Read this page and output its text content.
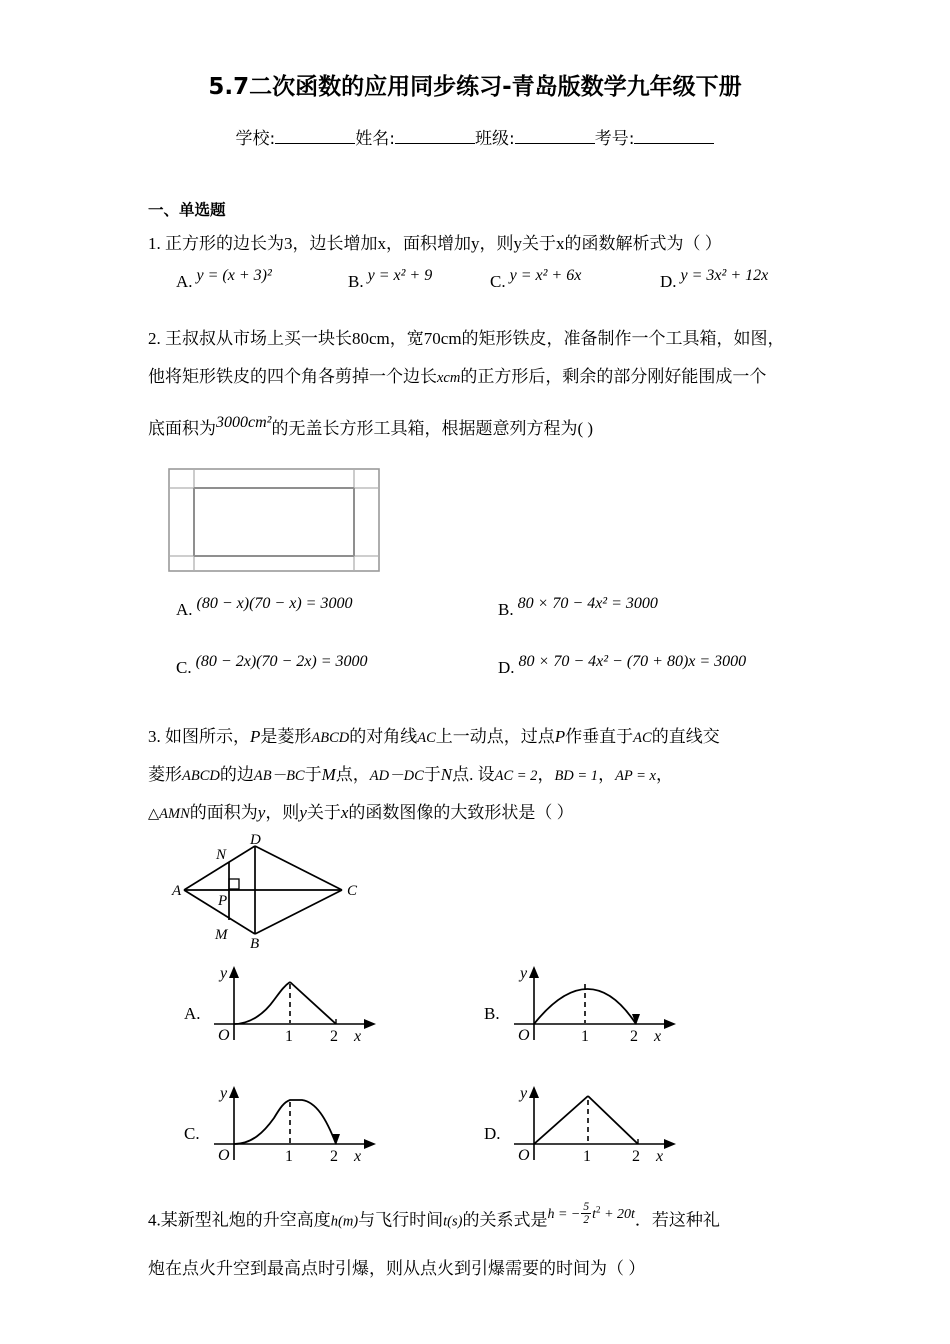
5.7二次函数的应用同步练习-青岛版数学九年级下册
学校:	姓名:	班级:	考号:
一、单选题
1. 正方形的边长为3，边长增加x，面积增加y，则y关于x的函数解析式为（ ）
A. y = (x + 3)²	B. y = x² + 9	C. y = x² + 6x	D. y = 3x² + 12x
2. 王叔叔从市场上买一块长80cm，宽70cm的矩形铁皮，准备制作一个工具箱，如图，
他将矩形铁皮的四个角各剪掉一个边长xcm的正方形后，剩余的部分刚好能围成一个
底面积为3000cm²的无盖长方形工具箱，根据题意列方程为( )
A. (80 − x)(70 − x) = 3000	B. 80 × 70 − 4x² = 3000
C. (80 − 2x)(70 − 2x) = 3000	D. 80 × 70 − 4x² − (70 + 80)x = 3000
3. 如图所示，P是菱形ABCD的对角线AC上一动点，过点P作垂直于AC的直线交
菱形ABCD的边AB－BC于M点，AD－DC于N点. 设AC = 2，BD = 1，AP = x，
△AMN的面积为y，则y关于x的函数图像的大致形状是（ ）
A	C
D
B
N
M
P
O	1 2 x
y
A.
O	1	2 x
y
B.
O	1 2 x
y
C.
O	1	2 x
y
D.
4.某新型礼炮的升空高度h(m)与飞行时间t(s)的关系式是$^{h = - \frac{5}{2} t^2 + 20t}$．若这种礼
炮在点火升空到最高点时引爆，则从点火到引爆需要的时间为（ ）
